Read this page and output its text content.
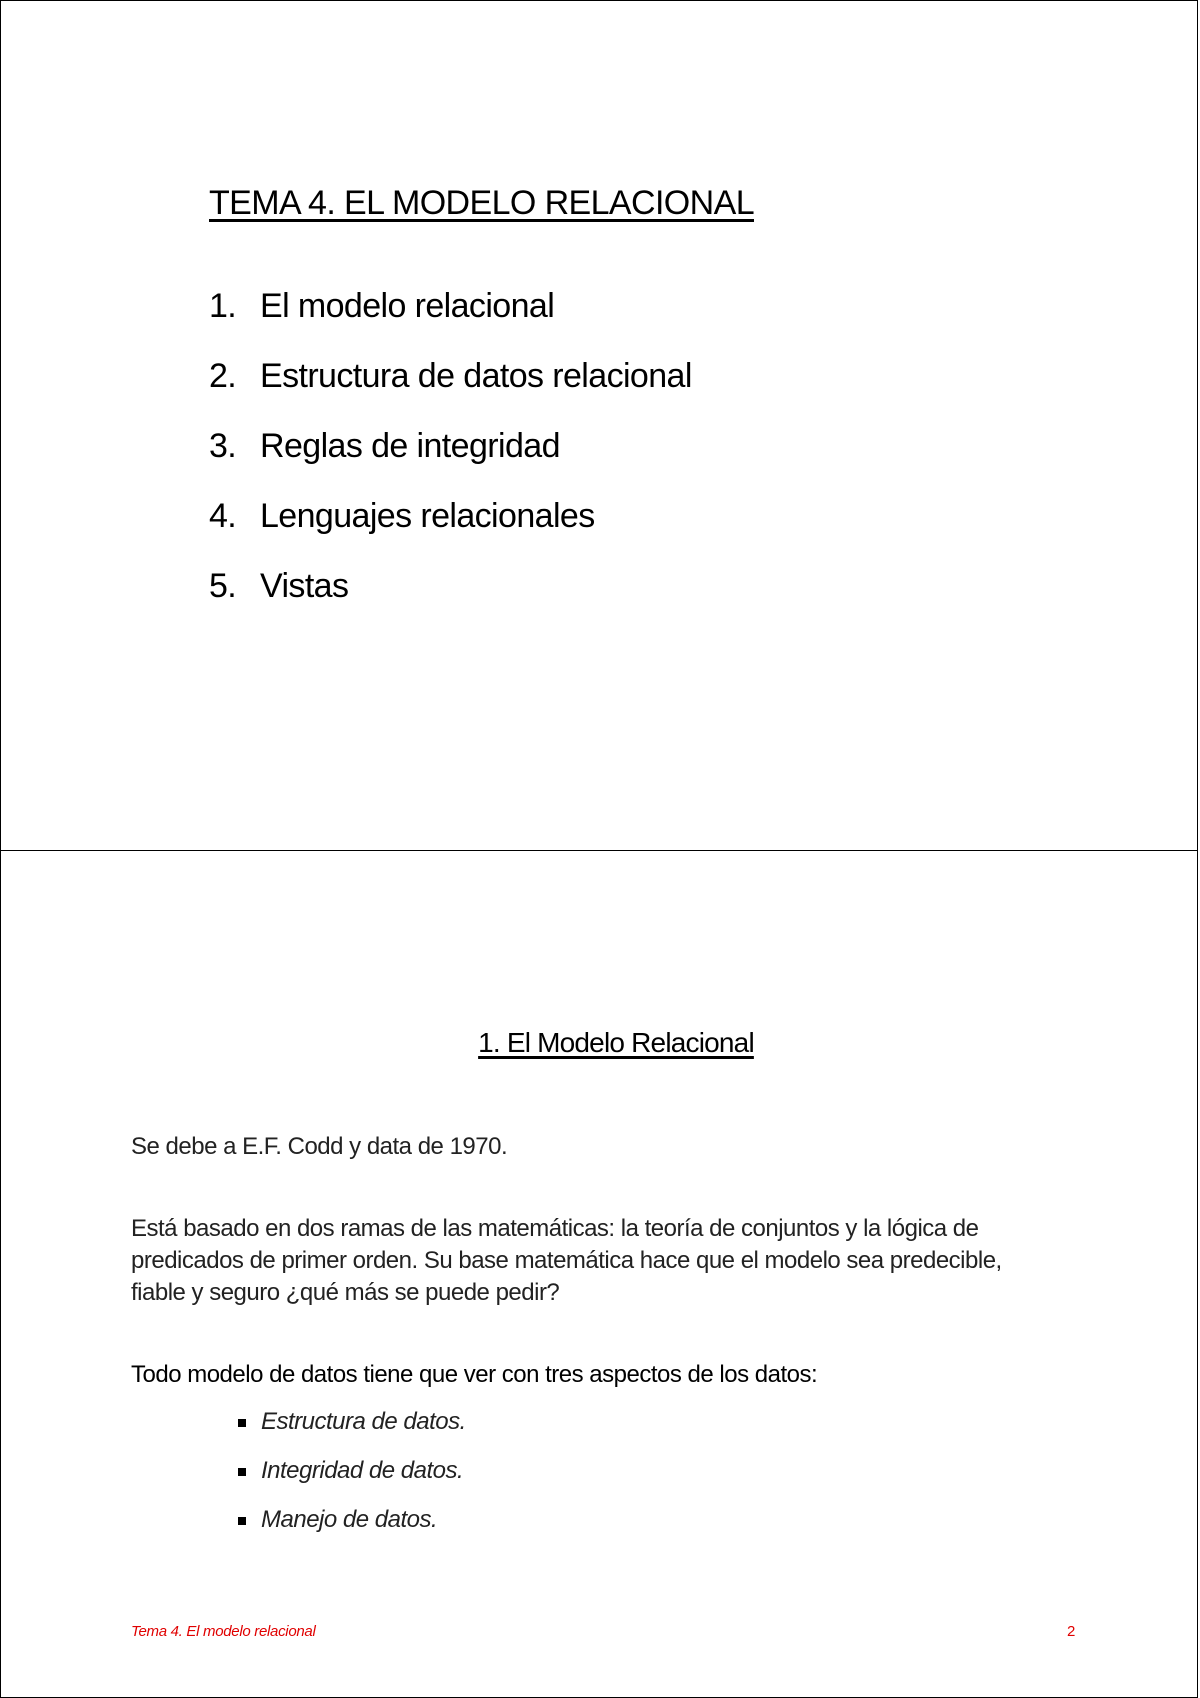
TEMA 4. EL MODELO RELACIONAL
1. El modelo relacional
2. Estructura de datos relacional
3. Reglas de integridad
4. Lenguajes relacionales
5. Vistas
1. El Modelo Relacional

Se debe a E.F. Codd y data de 1970.

Está basado en dos ramas de las matemáticas: la teoría de conjuntos y la lógica de predicados de primer orden. Su base matemática hace que el modelo sea predecible, fiable y seguro ¿qué más se puede pedir?

Todo modelo de datos tiene que ver con tres aspectos de los datos:

Estructura de datos.
Integridad de datos.
Manejo de datos.
Tema 4. El modelo relacional	2
